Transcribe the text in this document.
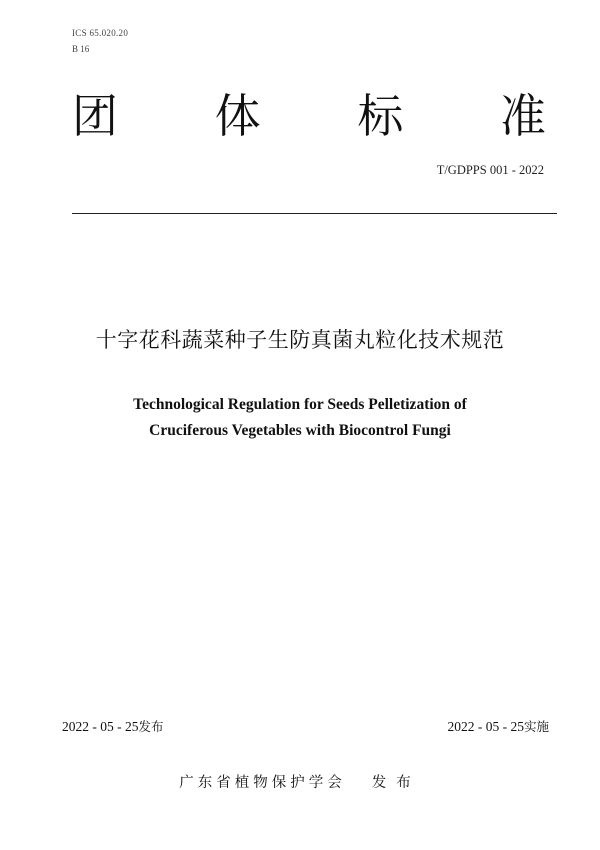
ICS 65.020.20
B 16
团 体 标 准
T/GDPPS 001 - 2022
十字花科蔬菜种子生防真菌丸粒化技术规范
Technological Regulation for Seeds Pelletization of
Cruciferous Vegetables with Biocontrol Fungi
2022 - 05 - 25发布	2022 - 05 - 25实施
广东省植物保护学会 发布
